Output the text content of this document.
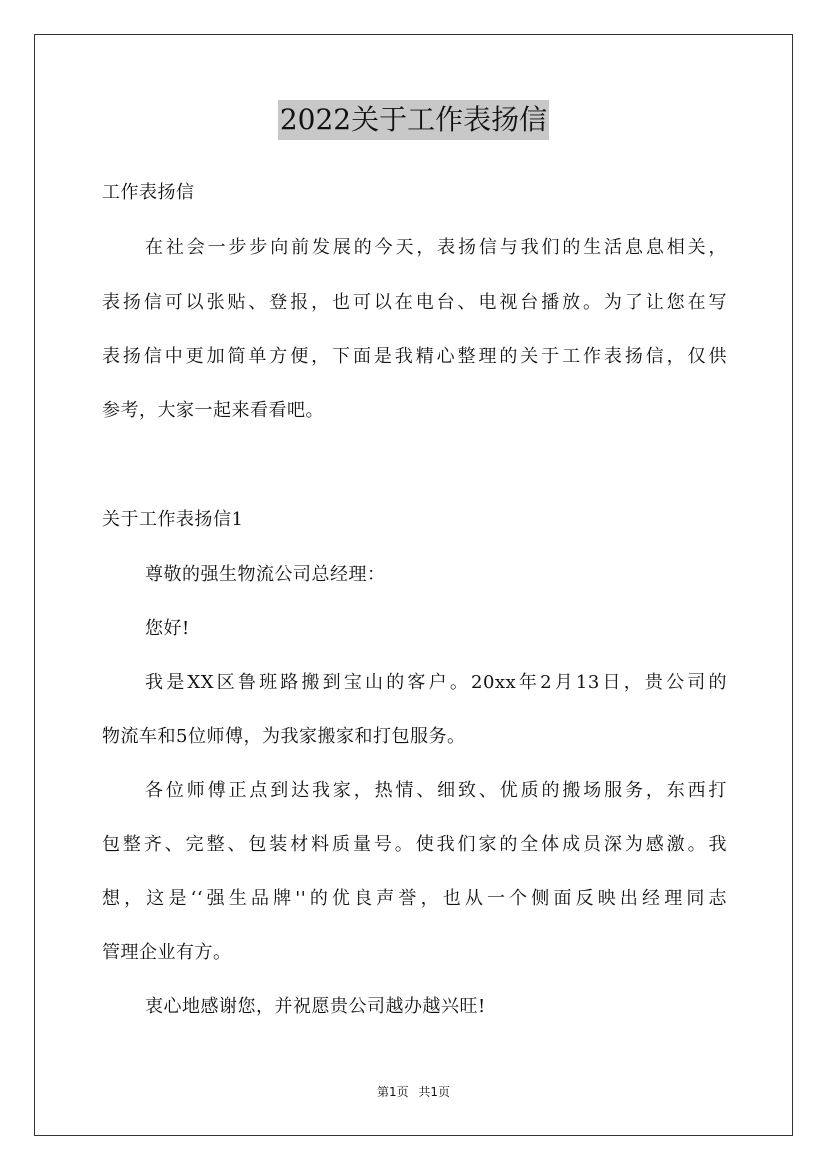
2022关于工作表扬信
工作表扬信
在社会一步步向前发展的今天，表扬信与我们的生活息息相关，
表扬信可以张贴、登报，也可以在电台、电视台播放。为了让您在写
表扬信中更加简单方便，下面是我精心整理的关于工作表扬信，仅供
参考，大家一起来看看吧。
关于工作表扬信1
尊敬的强生物流公司总经理：
您好!
我是XX区鲁班路搬到宝山的客户。20xx年2月13日，贵公司的
物流车和5位师傅，为我家搬家和打包服务。
各位师傅正点到达我家，热情、细致、优质的搬场服务，东西打
包整齐、完整、包装材料质量号。使我们家的全体成员深为感激。我
想，这是‘‘强生品牌''的优良声誉，也从一个侧面反映出经理同志
管理企业有方。
衷心地感谢您，并祝愿贵公司越办越兴旺!
第1页 共1页
